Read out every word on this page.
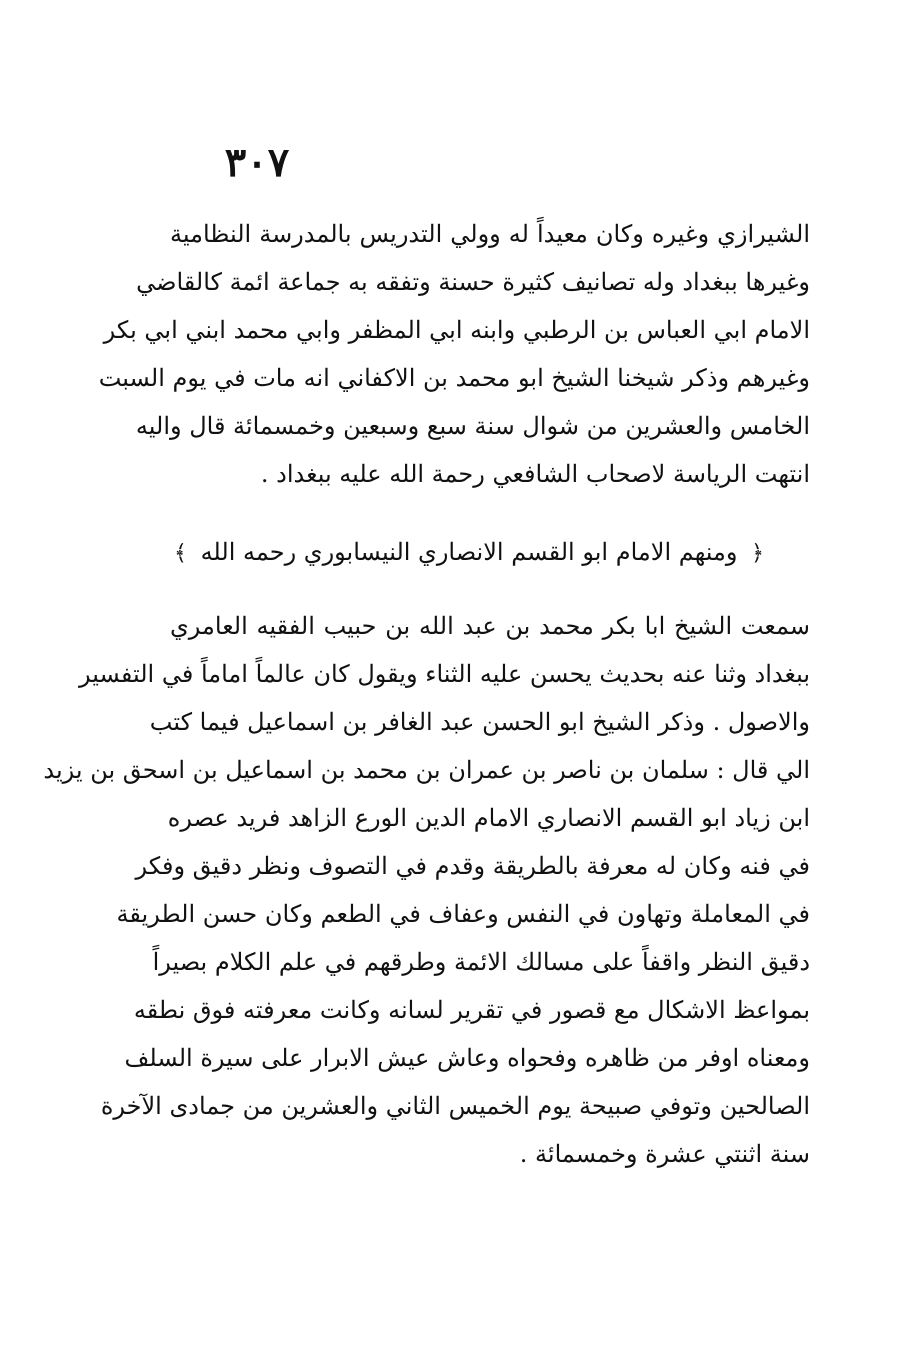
٣٠٧
الشيرازي وغيره وكان معيداً له وولي التدريس بالمدرسة النظامية
وغيرها ببغداد وله تصانيف كثيرة حسنة وتفقه به جماعة ائمة كالقاضي
الامام ابي العباس بن الرطبي وابنه ابي المظفر وابي محمد ابني ابي بكر
وغيرهم وذكر شيخنا الشيخ ابو محمد بن الاكفاني انه مات في يوم السبت
الخامس والعشرين من شوال سنة سبع وسبعين وخمسمائة قال واليه
انتهت الرياسة لاصحاب الشافعي رحمة الله عليه ببغداد .
﴿ ومنهم الامام ابو القسم الانصاري النيسابوري رحمه الله ﴾
سمعت الشيخ ابا بكر محمد بن عبد الله بن حبيب الفقيه العامري
ببغداد وثنا عنه بحديث يحسن عليه الثناء ويقول كان عالماً اماماً في التفسير
والاصول . وذكر الشيخ ابو الحسن عبد الغافر بن اسماعيل فيما كتب
الي قال : سلمان بن ناصر بن عمران بن محمد بن اسماعيل بن اسحق بن يزيد
ابن زياد ابو القسم الانصاري الامام الدين الورع الزاهد فريد عصره
في فنه وكان له معرفة بالطريقة وقدم في التصوف ونظر دقيق وفكر
في المعاملة وتهاون في النفس وعفاف في الطعم وكان حسن الطريقة
دقيق النظر واقفاً على مسالك الائمة وطرقهم في علم الكلام بصيراً
بمواعظ الاشكال مع قصور في تقرير لسانه وكانت معرفته فوق نطقه
ومعناه اوفر من ظاهره وفحواه وعاش عيش الابرار على سيرة السلف
الصالحين وتوفي صبيحة يوم الخميس الثاني والعشرين من جمادى الآخرة
سنة اثنتي عشرة وخمسمائة .
